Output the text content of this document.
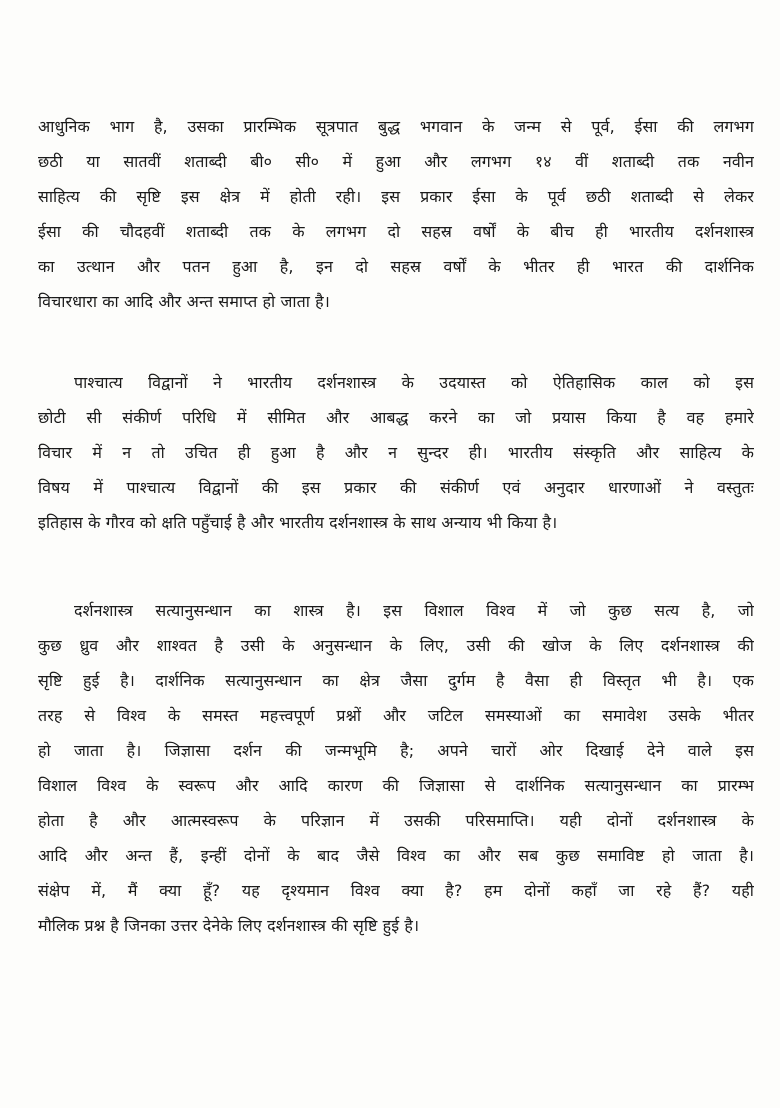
आधुनिक भाग है, उसका प्रारम्भिक सूत्रपात बुद्ध भगवान के जन्म से पूर्व, ईसा की लगभग
छठी या सातवीं शताब्दी बी० सी० में हुआ और लगभग १४ वीं शताब्दी तक नवीन
साहित्य की सृष्टि इस क्षेत्र में होती रही। इस प्रकार ईसा के पूर्व छठी शताब्दी से लेकर
ईसा की चौदहवीं शताब्दी तक के लगभग दो सहस्र वर्षों के बीच ही भारतीय दर्शनशास्त्र
का उत्थान और पतन हुआ है, इन दो सहस्र वर्षों के भीतर ही भारत की दार्शनिक
विचारधारा का आदि और अन्त समाप्त हो जाता है।
पाश्चात्य विद्वानों ने भारतीय दर्शनशास्त्र के उदयास्त को ऐतिहासिक काल को इस
छोटी सी संकीर्ण परिधि में सीमित और आबद्ध करने का जो प्रयास किया है वह हमारे
विचार में न तो उचित ही हुआ है और न सुन्दर ही। भारतीय संस्कृति और साहित्य के
विषय में पाश्चात्य विद्वानों की इस प्रकार की संकीर्ण एवं अनुदार धारणाओं ने वस्तुतः
इतिहास के गौरव को क्षति पहुँचाई है और भारतीय दर्शनशास्त्र के साथ अन्याय भी किया है।
दर्शनशास्त्र सत्यानुसन्धान का शास्त्र है। इस विशाल विश्व में जो कुछ सत्य है, जो
कुछ ध्रुव और शाश्वत है उसी के अनुसन्धान के लिए, उसी की खोज के लिए दर्शनशास्त्र की
सृष्टि हुई है। दार्शनिक सत्यानुसन्धान का क्षेत्र जैसा दुर्गम है वैसा ही विस्तृत भी है। एक
तरह से विश्व के समस्त महत्त्वपूर्ण प्रश्नों और जटिल समस्याओं का समावेश उसके भीतर
हो जाता है। जिज्ञासा दर्शन की जन्मभूमि है; अपने चारों ओर दिखाई देने वाले इस
विशाल विश्व के स्वरूप और आदि कारण की जिज्ञासा से दार्शनिक सत्यानुसन्धान का प्रारम्भ
होता है और आत्मस्वरूप के परिज्ञान में उसकी परिसमाप्ति। यही दोनों दर्शनशास्त्र के
आदि और अन्त हैं, इन्हीं दोनों के बाद जैसे विश्व का और सब कुछ समाविष्ट हो जाता है।
संक्षेप में, मैं क्या हूँ? यह दृश्यमान विश्व क्या है? हम दोनों कहाँ जा रहे हैं? यही
मौलिक प्रश्न है जिनका उत्तर देनेके लिए दर्शनशास्त्र की सृष्टि हुई है।
